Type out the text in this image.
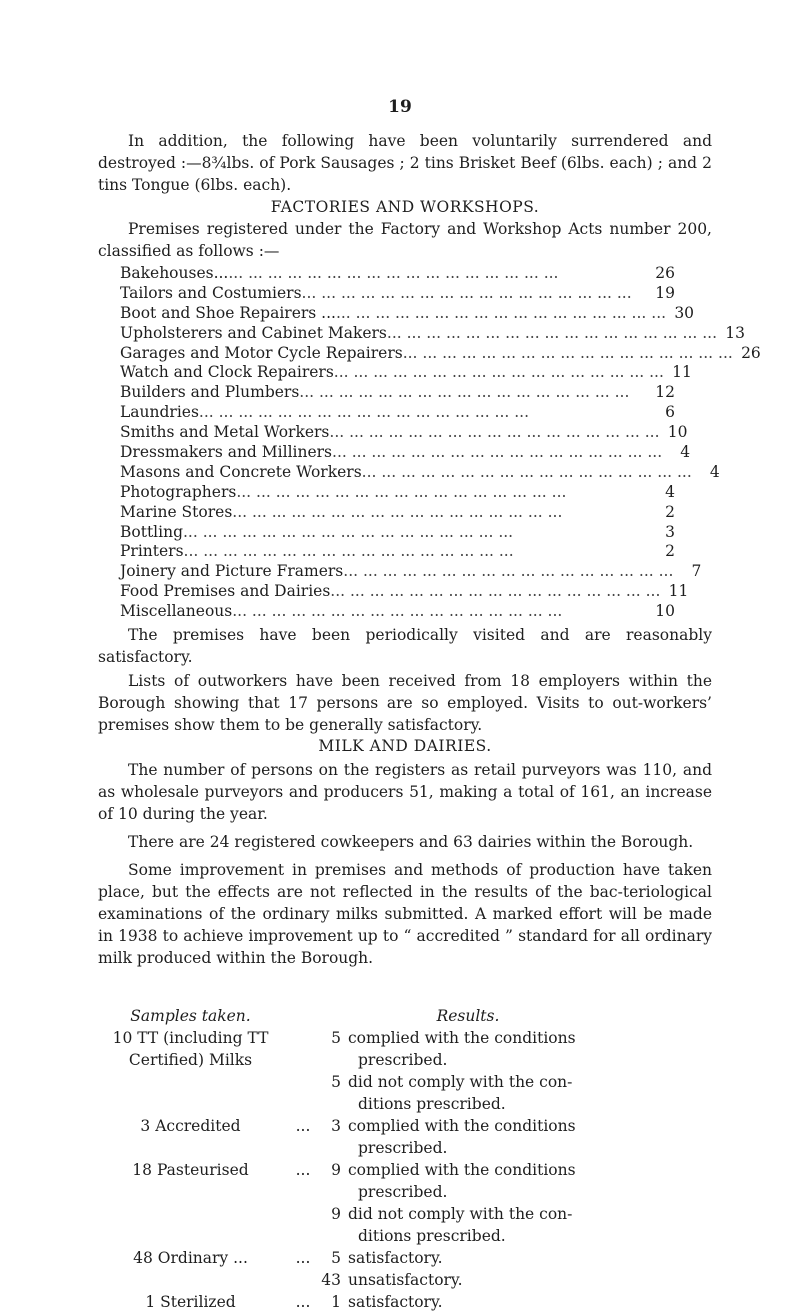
19

In addition, the following have been voluntarily surrendered and destroyed :—8¾lbs. of Pork Sausages ; 2 tins Brisket Beef (6lbs. each) ; and 2 tins Tongue (6lbs. each).

FACTORIES AND WORKSHOPS.

Premises registered under the Factory and Workshop Acts number 200, classified as follows :—

Bakehouses... ... ... ... ... ... ... ... ... ... ... ... ... ... ... ... ... ...	26
Tailors and Costumiers ... ... ... ... ... ... ... ... ... ... ... ... ... ... ... ... ...	19
Boot and Shoe Repairers ... ... ... ... ... ... ... ... ... ... ... ... ... ... ... ... ... ... 30
Upholsterers and Cabinet Makers ... ... ... ... ... ... ... ... ... ... ... ... ... ... ... ... ... 13
Garages and Motor Cycle Repairers ... ... ... ... ... ... ... ... ... ... ... ... ... ... ... ... ... 26
Watch and Clock Repairers ... ... ... ... ... ... ... ... ... ... ... ... ... ... ... ... ... 11
Builders and Plumbers ... ... ... ... ... ... ... ... ... ... ... ... ... ... ... ... ...	12
Laundries ... ... ... ... ... ... ... ... ... ... ... ... ... ... ... ... ...	6
Smiths and Metal Workers ... ... ... ... ... ... ... ... ... ... ... ... ... ... ... ... ... 10
Dressmakers and Milliners ... ... ... ... ... ... ... ... ... ... ... ... ... ... ... ... ...	4
Masons and Concrete Workers ... ... ... ... ... ... ... ... ... ... ... ... ... ... ... ... ...	4
Photographers ... ... ... ... ... ... ... ... ... ... ... ... ... ... ... ... ...	4
Marine Stores ... ... ... ... ... ... ... ... ... ... ... ... ... ... ... ... ...	2
Bottling ... ... ... ... ... ... ... ... ... ... ... ... ... ... ... ... ...	3
Printers ... ... ... ... ... ... ... ... ... ... ... ... ... ... ... ... ...	2
Joinery and Picture Framers ... ... ... ... ... ... ... ... ... ... ... ... ... ... ... ... ...	7
Food Premises and Dairies ... ... ... ... ... ... ... ... ... ... ... ... ... ... ... ... ... 11
Miscellaneous ... ... ... ... ... ... ... ... ... ... ... ... ... ... ... ... ...	10

The premises have been periodically visited and are reasonably satisfactory.

Lists of outworkers have been received from 18 employers within the Borough showing that 17 persons are so employed. Visits to out-workers’ premises show them to be generally satisfactory.

MILK AND DAIRIES.

The number of persons on the registers as retail purveyors was 110, and as wholesale purveyors and producers 51, making a total of 161, an increase of 10 during the year.

There are 24 registered cowkeepers and 63 dairies within the Borough.

Some improvement in premises and methods of production have taken place, but the effects are not reflected in the results of the bac-teriological examinations of the ordinary milks submitted. A marked effort will be made in 1938 to achieve improvement up to “ accredited ” standard for all ordinary milk produced within the Borough.

Samples taken.	Results.
10 TT (including TT
Certified) Milks
5 complied with the conditions
prescribed.
5 did not comply with the con-
ditions prescribed.
3 Accredited	...	3 complied with the conditions
prescribed.
18 Pasteurised	...	9 complied with the conditions
prescribed.
9 did not comply with the con-
ditions prescribed.
48 Ordinary ...	...	5 satisfactory.
43 unsatisfactory.
1 Sterilized	...	1 satisfactory.
